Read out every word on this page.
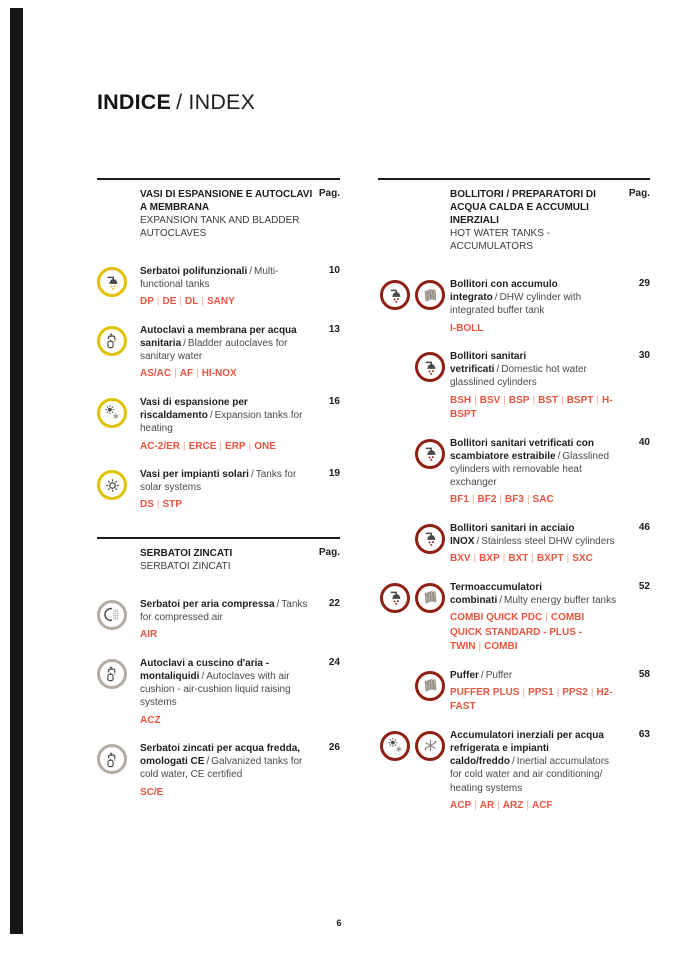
INDICE / INDEX
VASI DI ESPANSIONE E AUTOCLAVI A MEMBRANA
EXPANSION TANK AND BLADDER AUTOCLAVES
Pag.
Serbatoi polifunzionali / Multi-functional tanks
DP | DE | DL | SANY
10
Autoclavi a membrana per acqua sanitaria / Bladder autoclaves for sanitary water
AS/AC | AF | HI-NOX
13
Vasi di espansione per riscaldamento / Expansion tanks for heating
AC-2/ER | ERCE | ERP | ONE
16
Vasi per impianti solari / Tanks for solar systems
DS | STP
19
SERBATOI ZINCATI
SERBATOI ZINCATI
Pag.
Serbatoi per aria compressa / Tanks for compressed air
AIR
22
Autoclavi a cuscino d'aria - montaliquidi / Autoclaves with air cushion - air-cushion liquid raising systems
ACZ
24
Serbatoi zincati per acqua fredda, omologati CE / Galvanized tanks for cold water, CE certified
SC/E
26
BOLLITORI / PREPARATORI DI ACQUA CALDA E ACCUMULI INERZIALI
HOT WATER TANKS - ACCUMULATORS
Pag.
Bollitori con accumulo integrato / DHW cylinder with integrated buffer tank
I-BOLL
29
Bollitori sanitari vetrificati / Domestic hot water glasslined cylinders
BSH | BSV | BSP | BST | BSPT | H-BSPT
30
Bollitori sanitari vetrificati con scambiatore estraibile / Glasslined cylinders with removable heat exchanger
BF1 | BF2 | BF3 | SAC
40
Bollitori sanitari in acciaio INOX / Stainless steel DHW cylinders
BXV | BXP | BXT | BXPT | SXC
46
Termoaccumulatori combinati / Multy energy buffer tanks
COMBI QUICK PDC | COMBI QUICK STANDARD - PLUS - TWIN | COMBI
52
Puffer / Puffer
PUFFER PLUS | PPS1 | PPS2 | H2-FAST
58
Accumulatori inerziali per acqua refrigerata e impianti caldo/freddo / Inertial accumulators for cold water and air conditioning/ heating systems
ACP | AR | ARZ | ACF
63
6
